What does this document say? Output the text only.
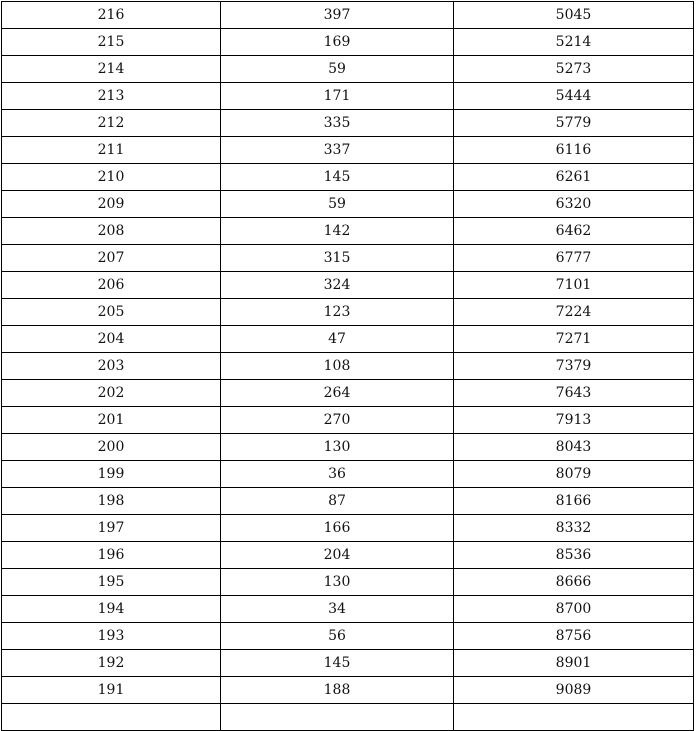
216	397	5045
215	169	5214
214	59	5273
213	171	5444
212	335	5779
211	337	6116
210	145	6261
209	59	6320
208	142	6462
207	315	6777
206	324	7101
205	123	7224
204	47	7271
203	108	7379
202	264	7643
201	270	7913
200	130	8043
199	36	8079
198	87	8166
197	166	8332
196	204	8536
195	130	8666
194	34	8700
193	56	8756
192	145	8901
191	188	9089
